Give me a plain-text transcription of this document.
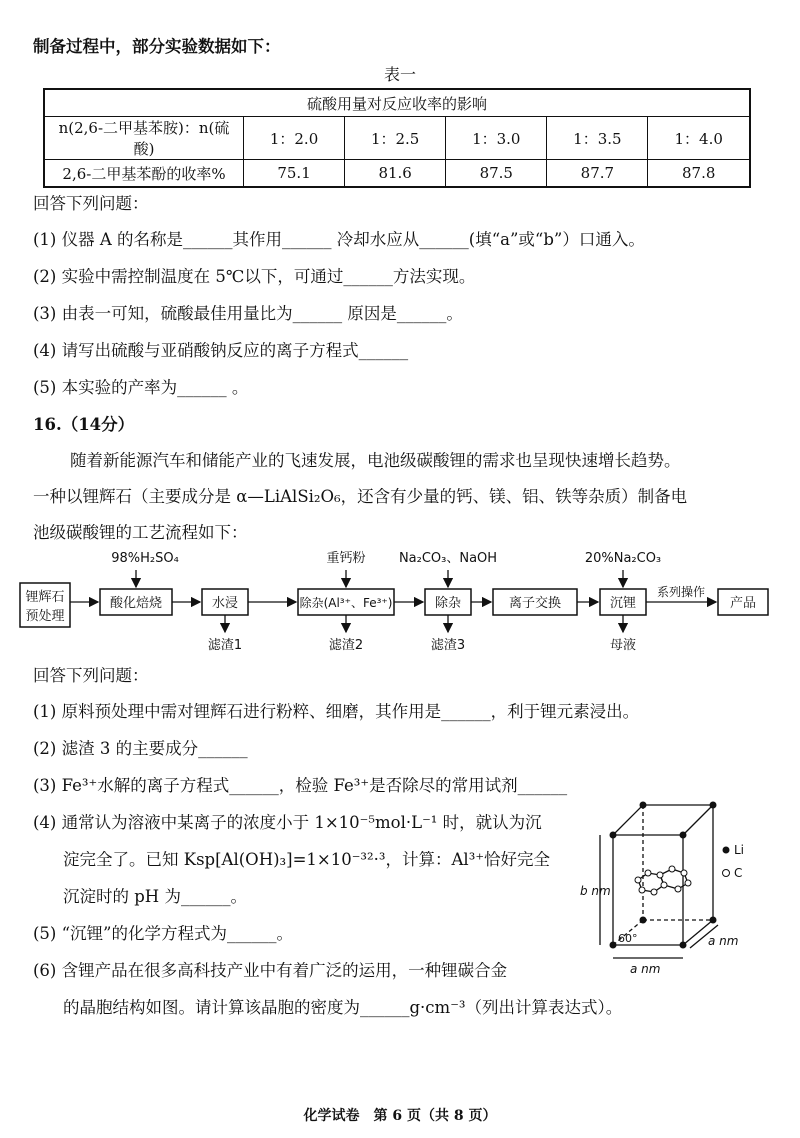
制备过程中，部分实验数据如下：
表一
硫酸用量对反应收率的影响					
n(2,6-二甲基苯胺)：n(硫酸)	1：2.0	1：2.5	1：3.0	1：3.5	1：4.0
2,6-二甲基苯酚的收率%	75.1	81.6	87.5	87.7	87.8
回答下列问题：
(1) 仪器 A 的名称是______其作用______ 冷却水应从______(填“a”或“b”）口通入。
(2) 实验中需控制温度在 5℃以下，可通过______方法实现。
(3) 由表一可知，硫酸最佳用量比为______ 原因是______。
(4) 请写出硫酸与亚硝酸钠反应的离子方程式______
(5) 本实验的产率为______ 。
16.（14分）
随着新能源汽车和储能产业的飞速发展，电池级碳酸锂的需求也呈现快速增长趋势。
一种以锂辉石（主要成分是 α—LiAlSi₂O₆，还含有少量的钙、镁、铝、铁等杂质）制备电
池级碳酸锂的工艺流程如下：
锂辉石
预处理
酸化焙烧	水浸	除杂(Al³⁺、Fe³⁺)	除杂	离子交换	沉锂	产品
98%H₂SO₄	重钙粉	Na₂CO₃、NaOH	20%Na₂CO₃
滤渣1	滤渣2	滤渣3	母液
系列操作
回答下列问题：
(1) 原料预处理中需对锂辉石进行粉粹、细磨，其作用是______，利于锂元素浸出。
(2) 滤渣 3 的主要成分______
(3) Fe³⁺水解的离子方程式______，检验 Fe³⁺是否除尽的常用试剂______
(4) 通常认为溶液中某离子的浓度小于 1×10⁻⁵mol·L⁻¹ 时，就认为沉
淀完全了。已知 Ksp[Al(OH)₃]=1×10⁻³²·³，计算：Al³⁺恰好完全
沉淀时的 pH 为______。
(5) “沉锂”的化学方程式为______。
(6) 含锂产品在很多高科技产业中有着广泛的运用，一种锂碳合金
的晶胞结构如图。请计算该晶胞的密度为______g·cm⁻³（列出计算表达式）。
Li
C
b nm
a nm
a nm
60°
化学试卷　第 6 页（共 8 页）
